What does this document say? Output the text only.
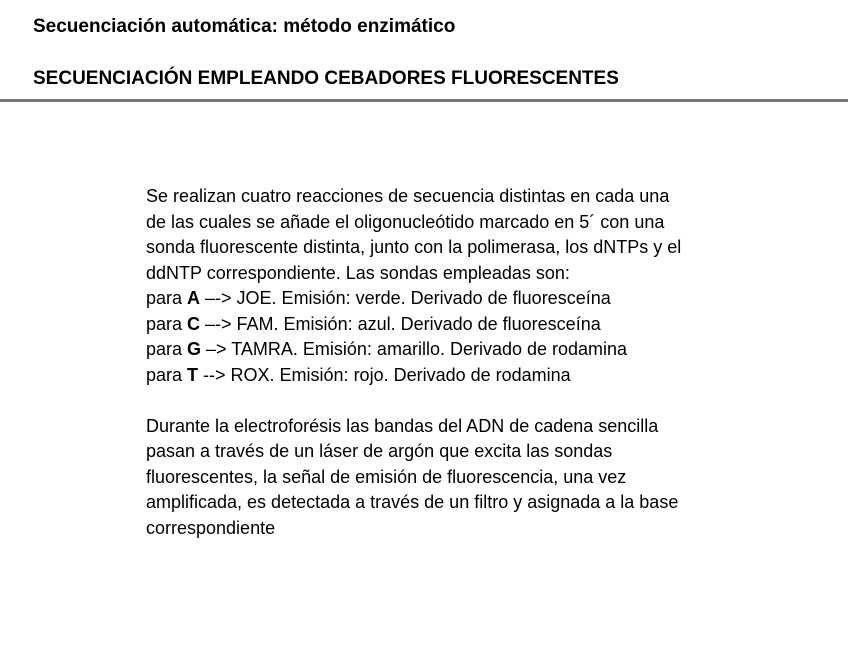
Secuenciación automática: método enzimático
SECUENCIACIÓN EMPLEANDO CEBADORES FLUORESCENTES

Se realizan cuatro reacciones de secuencia distintas en cada una
de las cuales se añade el oligonucleótido marcado en 5´ con una
sonda fluorescente distinta, junto con la polimerasa, los dNTPs y el
ddNTP correspondiente. Las sondas empleadas son:

para A –-> JOE. Emisión: verde. Derivado de fluoresceína
para C –-> FAM. Emisión: azul. Derivado de fluoresceína
para G –> TAMRA. Emisión: amarillo. Derivado de rodamina
para T --> ROX. Emisión: rojo. Derivado de rodamina

Durante la electroforésis las bandas del ADN de cadena sencilla
pasan a través de un láser de argón que excita las sondas
fluorescentes, la señal de emisión de fluorescencia, una vez
amplificada, es detectada a través de un filtro y asignada a la base
correspondiente
